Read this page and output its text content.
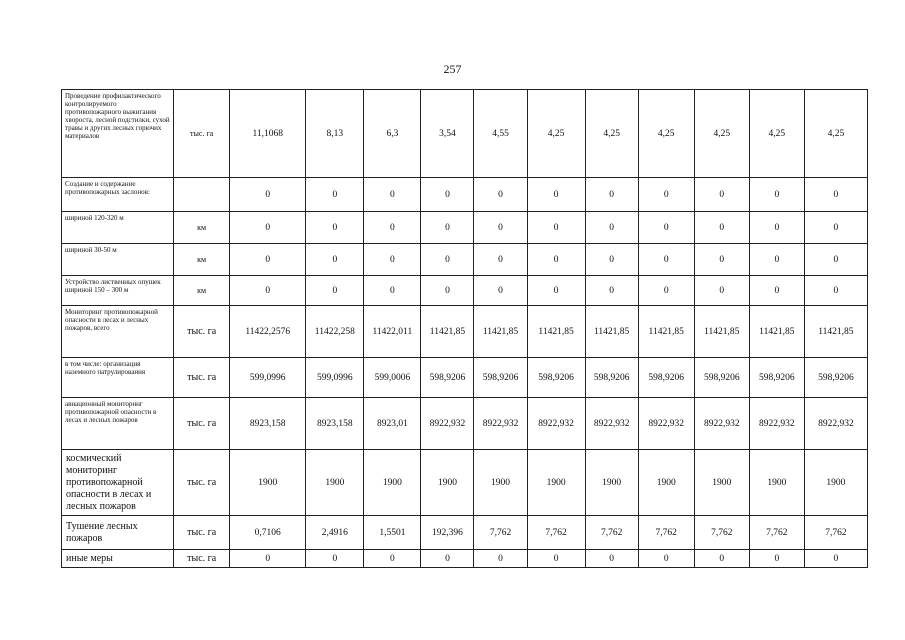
257
Проведение профилактического контролируемого противопожарного выжигания хвороста, лесной подстилки, сухой травы и других лесных горючих материалов	тыс. га	11,1068	8,13	6,3	3,54	4,55	4,25	4,25	4,25	4,25	4,25	4,25
Создание и содержание противопожарных заслонов:		0	0	0	0	0	0	0	0	0	0	0
шириной 120-320 м	км	0	0	0	0	0	0	0	0	0	0	0
шириной 30-50 м	км	0	0	0	0	0	0	0	0	0	0	0
Устройство лиственных опушек шириной 150 – 300 м	км	0	0	0	0	0	0	0	0	0	0	0
Мониторинг противопожарной опасности в лесах и лесных пожаров, всего	тыс. га	11422,2576	11422,258	11422,011	11421,85	11421,85	11421,85	11421,85	11421,85	11421,85	11421,85	11421,85
в том числе: организация наземного патрулирования	тыс. га	599,0996	599,0996	599,0006	598,9206	598,9206	598,9206	598,9206	598,9206	598,9206	598,9206	598,9206
авиационный мониторинг противопожарной опасности в лесах и лесных пожаров	тыс. га	8923,158	8923,158	8923,01	8922,932	8922,932	8922,932	8922,932	8922,932	8922,932	8922,932	8922,932
космический мониторинг противопожарной опасности в лесах и лесных пожаров	тыс. га	1900	1900	1900	1900	1900	1900	1900	1900	1900	1900	1900
Тушение лесных пожаров	тыс. га	0,7106	2,4916	1,5501	192,396	7,762	7,762	7,762	7,762	7,762	7,762	7,762
иные меры	тыс. га	0	0	0	0	0	0	0	0	0	0	0
